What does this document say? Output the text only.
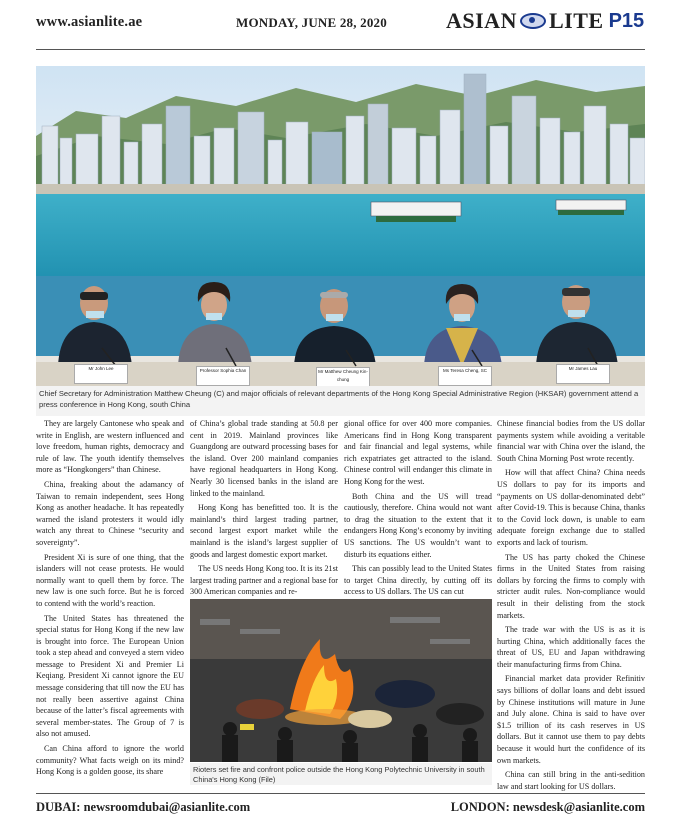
www.asianlite.ae	MONDAY, JUNE 28, 2020	ASIAN LITE P15
Mr John Lee	Professor Sophia Chan	Mr Matthew Cheung Kin-chung
Ms Teresa Cheng, SC	Mr James Lau
Chief Secretary for Administration Matthew Cheung (C) and major officials of relevant departments of the Hong Kong Special Administrative Region (HKSAR) government attend a press conference in Hong Kong, south China

They are largely Cantonese who speak and write in English, are western influenced and love freedom, human rights, democracy and rule of law. The youth identify themselves more as “Hongkongers” than Chinese.

China, freaking about the adamancy of Taiwan to remain independent, sees Hong Kong as another headache. It has repeatedly warned the island protesters it would idly watch any threat to Chinese “security and sovereignty”.

President Xi is sure of one thing, that the islanders will not cease protests. He would normally want to quell them by force. The new law is one such force. But he is forced to contend with the world’s reaction.

The United States has threatened the special status for Hong Kong if the new law is brought into force. The European Union took a step ahead and conveyed a stern video message to President Xi and Premier Li Keqiang. President Xi cannot ignore the EU message considering that till now the EU has not really been assertive against China because of the latter’s fiscal agreements with several member-states. The Group of 7 is also not amused.

Can China afford to ignore the world community? What facts weigh on its mind? Hong Kong is a golden goose, its share

of China’s global trade standing at 50.8 per cent in 2019. Mainland provinces like Guangdong are outward processing bases for the island. Over 200 mainland companies have regional headquarters in Hong Kong. Nearly 30 licensed banks in the island are linked to the mainland.

Hong Kong has benefitted too. It is the mainland’s third largest trading partner, second largest export market while the mainland is the island’s largest supplier of goods and largest domestic export market.

The US needs Hong Kong too. It is its 21st largest trading partner and a regional base for 300 American companies and re-

gional office for over 400 more companies. Americans find in Hong Kong transparent and fair financial and legal systems, while rich expatriates get attracted to the island. Chinese control will endanger this climate in Hong Kong for the west.

Both China and the US will tread cautiously, therefore. China would not want to drag the situation to the extent that it endangers Hong Kong’s economy by inviting US sanctions. The US wouldn’t want to disturb its equations either.

This can possibly lead to the United States to target China directly, by cutting off its access to US dollars. The US can cut

Chinese financial bodies from the US dollar payments system while avoiding a veritable financial war with China over the island, the South China Morning Post wrote recently.

How will that affect China? China needs US dollars to pay for its imports and “payments on US dollar-denominated debt” after Covid-19. This is because China, thanks to the Covid lock down, is unable to earn adequate foreign exchange due to stalled exports and lack of tourism.

The US has party choked the Chinese firms in the United States from raising dollars by forcing the firms to comply with stricter audit rules. Non-compliance would result in their delisting from the stock markets.

The trade war with the US is as it is hurting China, which additionally faces the threat of US, EU and Japan withdrawing their manufacturing firms from China.

Financial market data provider Refinitiv says billions of dollar loans and debt issued by Chinese institutions will mature in June and July alone. China is said to have over $1.5 trillion of its cash reserves in US dollars. But it cannot use them to pay debts because it would hurt the confidence of its own markets.

China can still bring in the anti-sedition law and start looking for US dollars.

Rioters set fire and confront police outside the Hong Kong Polytechnic University in south China's Hong Kong (File)
DUBAI: newsroomdubai@asianlite.com	LONDON: newsdesk@asianlite.com
